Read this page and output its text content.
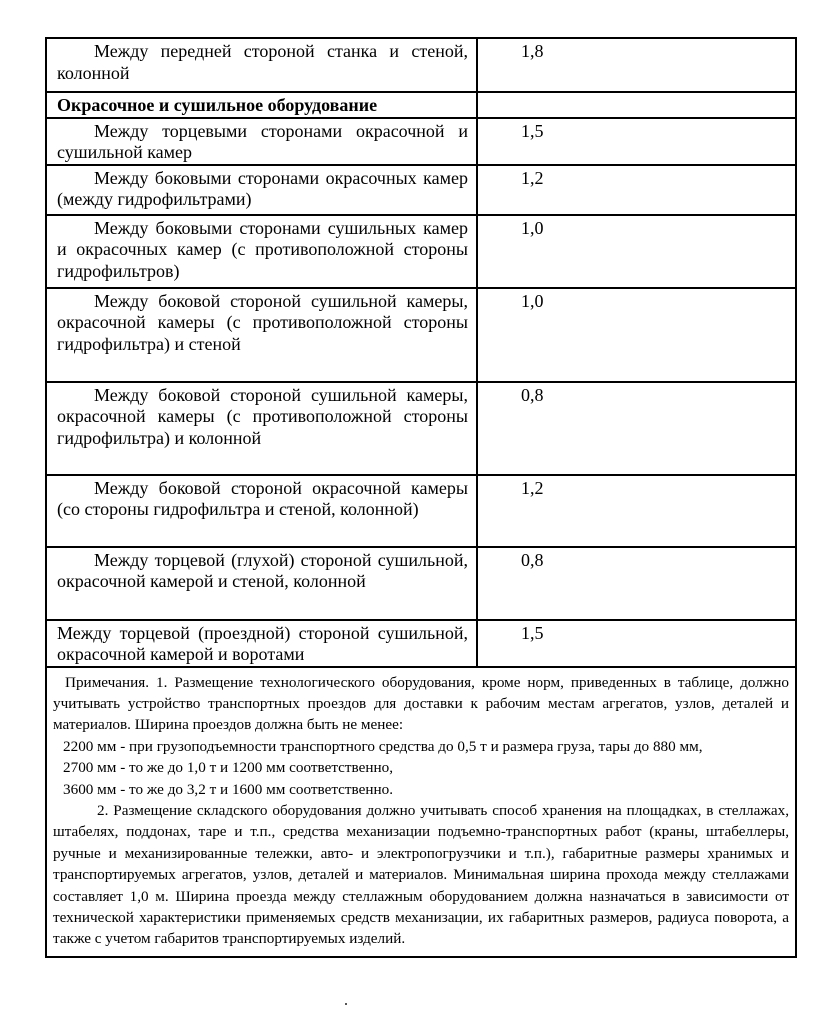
Между передней стороной станка и стеной, колонной	1,8

Окрасочное и сушильное оборудование	

Между торцевыми сторонами окрасочной и сушильной камер	1,5

Между боковыми сторонами окрасочных камер (между гидрофильтрами)	1,2

Между боковыми сторонами сушильных камер и окрасочных камер (с противоположной стороны гидрофильтров)	1,0

Между боковой стороной сушильной камеры, окрасочной камеры (с противоположной стороны гидрофильтра) и стеной	1,0

Между боковой стороной сушильной камеры, окрасочной камеры (с противоположной стороны гидрофильтра) и колонной	0,8

Между боковой стороной окрасочной камеры (со стороны гидрофильтра и стеной, колонной)	1,2

Между торцевой (глухой) стороной сушильной, окрасочной камерой и стеной, колонной	0,8

Между торцевой (проездной) стороной сушильной, окрасочной камерой и воротами	1,5

Примечания. 1. Размещение технологического оборудования, кроме норм, приведенных в таблице, должно учитывать устройство транспортных проездов для доставки к рабочим местам агрегатов, узлов, деталей и материалов. Ширина проездов должна быть не менее:

2200 мм - при грузоподъемности транспортного средства до 0,5 т и размера груза, тары до 880 мм,

2700 мм - то же до 1,0 т и 1200 мм соответственно,

3600 мм - то же до 3,2 т и 1600 мм соответственно.

2. Размещение складского оборудования должно учитывать способ хранения на площадках, в стеллажах, штабелях, поддонах, таре и т.п., средства механизации подъемно-транспортных работ (краны, штабеллеры, ручные и механизированные тележки, авто- и электропогрузчики и т.п.), габаритные размеры хранимых и транспортируемых агрегатов, узлов, деталей и материалов. Минимальная ширина прохода между стеллажами составляет 1,0 м. Ширина проезда между стеллажным оборудованием должна назначаться в зависимости от технической характеристики применяемых средств механизации, их габаритных размеров, радиуса поворота, а также с учетом габаритов транспортируемых изделий.
